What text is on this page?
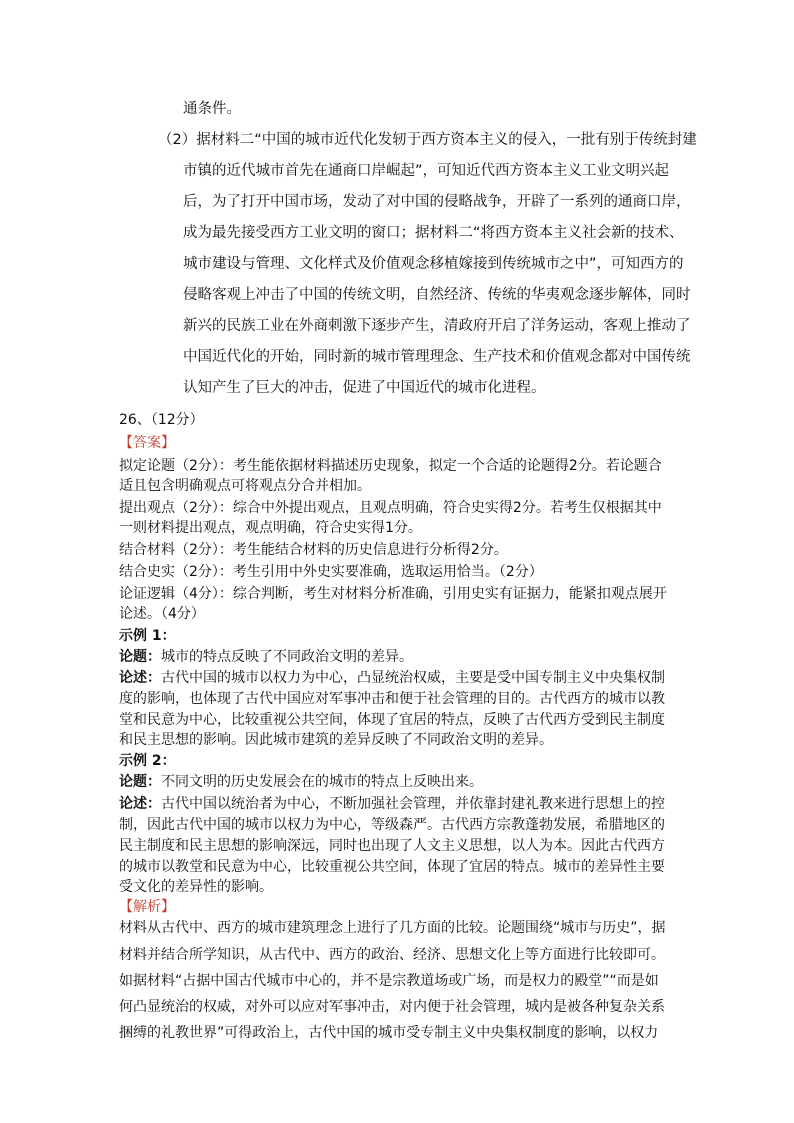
通条件。
（2）据材料二“中国的城市近代化发轫于西方资本主义的侵入，一批有别于传统封建
市镇的近代城市首先在通商口岸崛起”，可知近代西方资本主义工业文明兴起
后，为了打开中国市场，发动了对中国的侵略战争，开辟了一系列的通商口岸，
成为最先接受西方工业文明的窗口；据材料二“将西方资本主义社会新的技术、
城市建设与管理、文化样式及价值观念移植嫁接到传统城市之中”，可知西方的
侵略客观上冲击了中国的传统文明，自然经济、传统的华夷观念逐步解体，同时
新兴的民族工业在外商刺激下逐步产生，清政府开启了洋务运动，客观上推动了
中国近代化的开始，同时新的城市管理理念、生产技术和价值观念都对中国传统
认知产生了巨大的冲击，促进了中国近代的城市化进程。
26、（12分）
【答案】
拟定论题（2分）：考生能依据材料描述历史现象，拟定一个合适的论题得2分。若论题合
适且包含明确观点可将观点分合并相加。
提出观点（2分）：综合中外提出观点，且观点明确，符合史实得2分。若考生仅根据其中
一则材料提出观点，观点明确，符合史实得1分。
结合材料（2分）：考生能结合材料的历史信息进行分析得2分。
结合史实（2分）：考生引用中外史实要准确，选取运用恰当。（2分）
论证逻辑（4分）：综合判断，考生对材料分析准确，引用史实有证据力，能紧扣观点展开
论述。（4分）
示例 1：
论题：城市的特点反映了不同政治文明的差异。
论述：古代中国的城市以权力为中心，凸显统治权威，主要是受中国专制主义中央集权制
度的影响，也体现了古代中国应对军事冲击和便于社会管理的目的。古代西方的城市以教
堂和民意为中心，比较重视公共空间，体现了宜居的特点，反映了古代西方受到民主制度
和民主思想的影响。因此城市建筑的差异反映了不同政治文明的差异。
示例 2：
论题：不同文明的历史发展会在的城市的特点上反映出来。
论述：古代中国以统治者为中心，不断加强社会管理，并依靠封建礼教来进行思想上的控
制，因此古代中国的城市以权力为中心，等级森严。古代西方宗教蓬勃发展，希腊地区的
民主制度和民主思想的影响深远，同时也出现了人文主义思想，以人为本。因此古代西方
的城市以教堂和民意为中心，比较重视公共空间，体现了宜居的特点。城市的差异性主要
受文化的差异性的影响。
【解析】
材料从古代中、西方的城市建筑理念上进行了几方面的比较。论题围绕“城市与历史”，据
材料并结合所学知识，从古代中、西方的政治、经济、思想文化上等方面进行比较即可。
如据材料“占据中国古代城市中心的，并不是宗教道场或广场，而是权力的殿堂”“而是如
何凸显统治的权威，对外可以应对军事冲击，对内便于社会管理，城内是被各种复杂关系
捆缚的礼教世界”可得政治上，古代中国的城市受专制主义中央集权制度的影响，以权力
